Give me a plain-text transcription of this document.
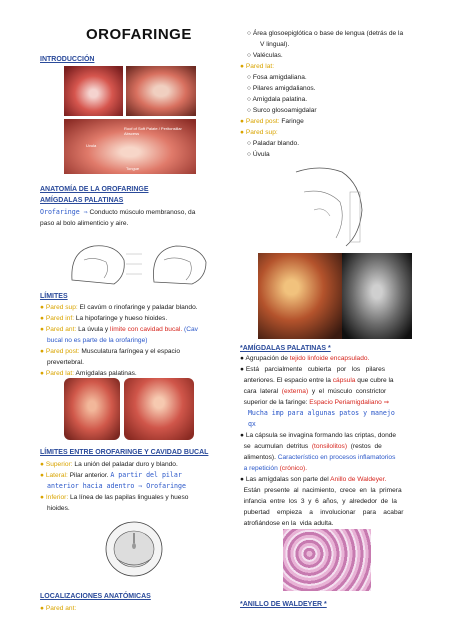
OROFARINGE
INTRODUCCIÓN
Roof of Soft Palate / Peritonsillar Abscess
Uvula
Tongue
ANATOMÍA DE LA OROFARINGE
AMÍGDALAS PALATINAS
Orofaringe ⇒ Conducto músculo membranoso, da
paso al bolo alimenticio y aire.
LÍMITES
● Pared sup: El cavúm o rinofaringe y paladar blando.
● Pared inf: La hipofaringe y hueso hioides.
● Pared ant: La úvula y límite con cavidad bucal. (Cav
bucal no es parte de la orofaringe)
● Pared post: Musculatura faríngea y el espacio
prevertebral.
● Pared lat: Amígdalas palatinas.
LÍMITES ENTRE OROFARINGE Y CAVIDAD BUCAL
● Superior: La unión del paladar duro y blando.
● Lateral: Pilar anterior. A partir del pilar
anterior hacia adentro ⇒ Orofaringe
● Inferior: La línea de las papilas linguales y hueso
hioides.
LOCALIZACIONES ANATÓMICAS
● Pared ant:
○ Área glosoepiglótica o base de lengua (detrás de la
V lingual).
○ Valéculas.
● Pared lat:
○ Fosa amigdaliana.
○ Pilares amigdalianos.
○ Amígdala palatina.
○ Surco glosoamigdalar
● Pared post: Faringe
● Pared sup:
○ Paladar blando.
○ Úvula
*AMÍGDALAS PALATINAS *
● Agrupación de tejido linfoide encapsulado.
● Está   parcialmente   cubierta   por   los   pilares
anteriores. El espacio entre la cápsula que cubre la
cara  lateral  (externa)  y  el  músculo  constrictor
superior de la faringe: Espacio Periamigdaliano ⇒
Mucha imp para algunas patos y manejo
qx
● La cápsula se invagina formando las criptas, donde
se  acumulan  detritus  (tonsilolitos)  (restos  de
alimentos). Característico en procesos inflamatorios
a repetición (crónico).
● Las amígdalas son parte del Anillo de Waldeyer.
Están  presente  al  nacimiento,  crece  en  la  primera
infancia  entre  los  3  y  6  años,  y  alrededor  de  la
pubertad    empieza    a    involucionar    para    acabar
atrofiándose en la  vida adulta.
*ANILLO DE WALDEYER *
